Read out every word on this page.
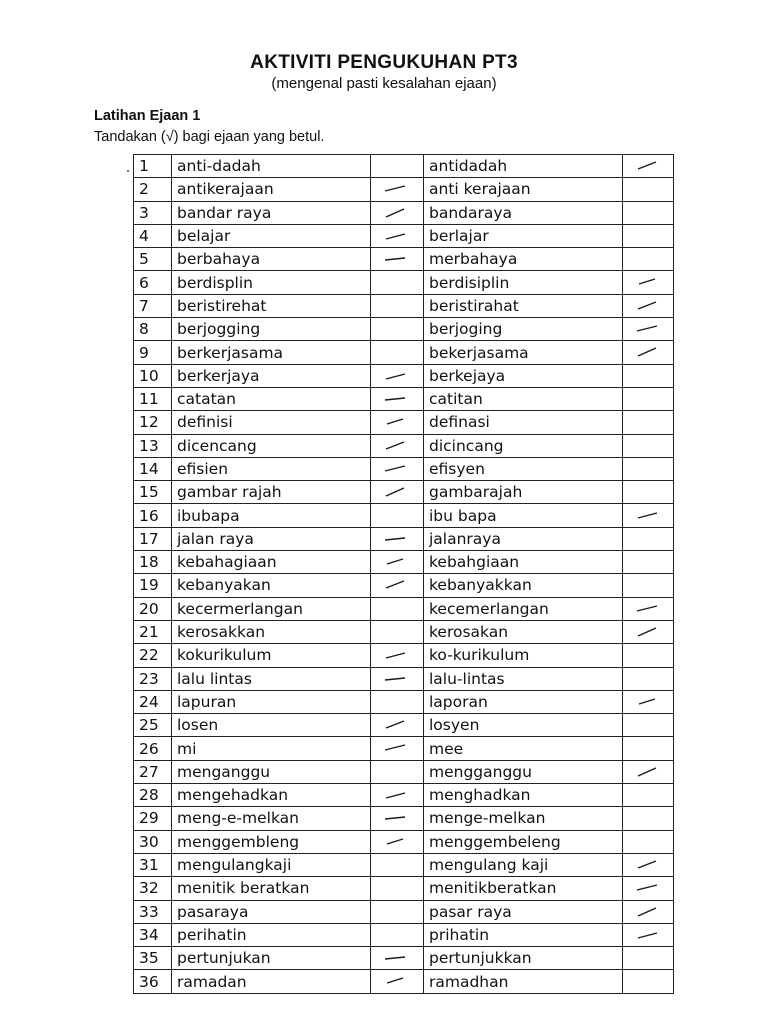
AKTIVITI PENGUKUHAN PT3
(mengenal pasti kesalahan ejaan)
Latihan Ejaan 1
Tandakan (√) bagi ejaan yang betul.
1	anti-dadah		antidadah	

2	antikerajaan		anti kerajaan	
3	bandar raya		bandaraya	
4	belajar		berlajar	
5	berbahaya		merbahaya	
6	berdisplin		berdisiplin	

7	beristirehat		beristirahat	

8	berjogging		berjoging	

9	berkerjasama		bekerjasama	

10	berkerjaya		berkejaya	
11	catatan		catitan	
12	definisi		definasi	
13	dicencang		dicincang	
14	efisien		efisyen	
15	gambar rajah		gambarajah	
16	ibubapa		ibu bapa	

17	jalan raya		jalanraya	
18	kebahagiaan		kebahgiaan	
19	kebanyakan		kebanyakkan	
20	kecermerlangan		kecemerlangan	

21	kerosakkan		kerosakan	

22	kokurikulum		ko-kurikulum	
23	lalu lintas		lalu-lintas	
24	lapuran		laporan	

25	losen		losyen	
26	mi		mee	
27	menganggu		mengganggu	

28	mengehadkan		menghadkan	
29	meng-e-melkan		menge-melkan	
30	menggembleng		menggembeleng	
31	mengulangkaji		mengulang kaji	

32	menitik beratkan		menitikberatkan	

33	pasaraya		pasar raya	

34	perihatin		prihatin	

35	pertunjukan		pertunjukkan	
36	ramadan		ramadhan	
